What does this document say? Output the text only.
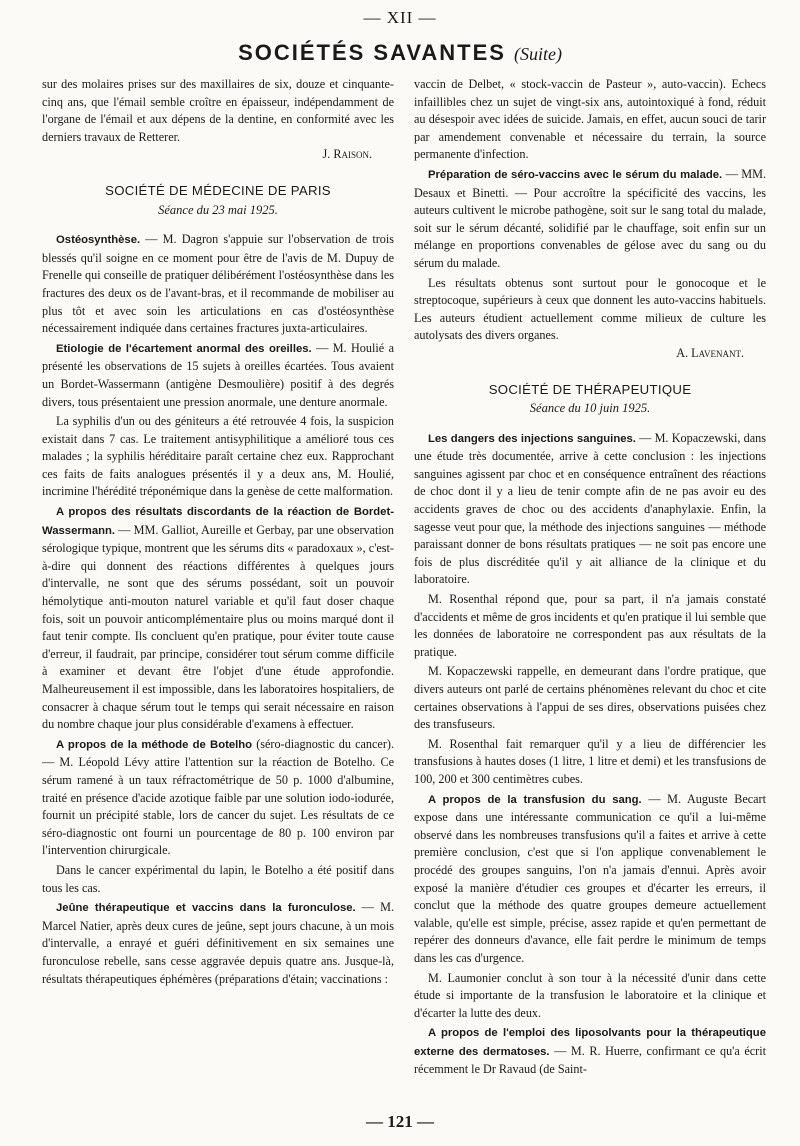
— XII —
SOCIÉTÉS SAVANTES (Suite)

sur des molaires prises sur des maxillaires de six, douze et cinquante-cinq ans, que l'émail semble croître en épaisseur, indépendamment de l'organe de l'émail et aux dépens de la dentine, en conformité avec les derniers travaux de Retterer.

J. Raison.
SOCIÉTÉ DE MÉDECINE DE PARIS
Séance du 23 mai 1925.

Ostéosynthèse. — M. Dagron s'appuie sur l'observation de trois blessés qu'il soigne en ce moment pour être de l'avis de M. Dupuy de Frenelle qui conseille de pratiquer délibérément l'ostéosynthèse dans les fractures des deux os de l'avant-bras, et il recommande de mobiliser au plus tôt et avec soin les articulations en cas d'ostéosynthèse nécessairement indiquée dans certaines fractures juxta-articulaires.

Etiologie de l'écartement anormal des oreilles. — M. Houlié a présenté les observations de 15 sujets à oreilles écartées. Tous avaient un Bordet-Wassermann (antigène Desmoulière) positif à des degrés divers, tous présentaient une pression anormale, une denture anormale.

La syphilis d'un ou des géniteurs a été retrouvée 4 fois, la suspicion existait dans 7 cas. Le traitement antisyphilitique a amélioré tous ces malades ; la syphilis héréditaire paraît certaine chez eux. Rapprochant ces faits de faits analogues présentés il y a deux ans, M. Houlié, incrimine l'hérédité tréponémique dans la genèse de cette malformation.

A propos des résultats discordants de la réaction de Bordet-Wassermann. — MM. Galliot, Aureille et Gerbay, par une observation sérologique typique, montrent que les sérums dits « paradoxaux », c'est-à-dire qui donnent des réactions différentes à quelques jours d'intervalle, ne sont que des sérums possédant, soit un pouvoir hémolytique anti-mouton naturel variable et qu'il faut doser chaque fois, soit un pouvoir anticomplémentaire plus ou moins marqué dont il faut tenir compte. Ils concluent qu'en pratique, pour éviter toute cause d'erreur, il faudrait, par principe, considérer tout sérum comme difficile à examiner et devant être l'objet d'une étude approfondie. Malheureusement il est impossible, dans les laboratoires hospitaliers, de consacrer à chaque sérum tout le temps qui serait nécessaire en raison du nombre chaque jour plus considérable d'examens à effectuer.

A propos de la méthode de Botelho (séro-diagnostic du cancer). — M. Léopold Lévy attire l'attention sur la réaction de Botelho. Ce sérum ramené à un taux réfractométrique de 50 p. 1000 d'albumine, traité en présence d'acide azotique faible par une solution iodo-iodurée, fournit un précipité stable, lors de cancer du sujet. Les résultats de ce séro-diagnostic ont fourni un pourcentage de 80 p. 100 environ par l'intervention chirurgicale.

Dans le cancer expérimental du lapin, le Botelho a été positif dans tous les cas.

Jeûne thérapeutique et vaccins dans la furonculose. — M. Marcel Natier, après deux cures de jeûne, sept jours chacune, à un mois d'intervalle, a enrayé et guéri définitivement en six semaines une furonculose rebelle, sans cesse aggravée depuis quatre ans. Jusque-là, résultats thérapeutiques éphémères (préparations d'étain; vaccinations :

vaccin de Delbet, « stock-vaccin de Pasteur », auto-vaccin). Echecs infaillibles chez un sujet de vingt-six ans, autointoxiqué à fond, réduit au désespoir avec idées de suicide. Jamais, en effet, aucun souci de tarir par amendement convenable et nécessaire du terrain, la source permanente d'infection.

Préparation de séro-vaccins avec le sérum du malade. — MM. Desaux et Binetti. — Pour accroître la spécificité des vaccins, les auteurs cultivent le microbe pathogène, soit sur le sang total du malade, soit sur le sérum décanté, solidifié par le chauffage, soit enfin sur un mélange en proportions convenables de gélose avec du sang ou du sérum du malade.

Les résultats obtenus sont surtout pour le gonocoque et le streptocoque, supérieurs à ceux que donnent les auto-vaccins habituels. Les auteurs étudient actuellement comme milieux de culture les autolysats des divers organes.

A. Lavenant.
SOCIÉTÉ DE THÉRAPEUTIQUE
Séance du 10 juin 1925.

Les dangers des injections sanguines. — M. Kopaczewski, dans une étude très documentée, arrive à cette conclusion : les injections sanguines agissent par choc et en conséquence entraînent des réactions de choc dont il y a lieu de tenir compte afin de ne pas avoir eu des accidents graves de choc ou des accidents d'anaphylaxie. Enfin, la sagesse veut pour que, la méthode des injections sanguines — méthode paraissant donner de bons résultats pratiques — ne soit pas encore une fois de plus discréditée qu'il y ait alliance de la clinique et du laboratoire.

M. Rosenthal répond que, pour sa part, il n'a jamais constaté d'accidents et même de gros incidents et qu'en pratique il lui semble que les données de laboratoire ne correspondent pas aux résultats de la pratique.

M. Kopaczewski rappelle, en demeurant dans l'ordre pratique, que divers auteurs ont parlé de certains phénomènes relevant du choc et cite certaines observations à l'appui de ses dires, observations puisées chez des transfuseurs.

M. Rosenthal fait remarquer qu'il y a lieu de différencier les transfusions à hautes doses (1 litre, 1 litre et demi) et les transfusions de 100, 200 et 300 centimètres cubes.

A propos de la transfusion du sang. — M. Auguste Becart expose dans une intéressante communication ce qu'il a lui-même observé dans les nombreuses transfusions qu'il a faites et arrive à cette première conclusion, c'est que si l'on applique convenablement le procédé des groupes sanguins, l'on n'a jamais d'ennui. Après avoir exposé la manière d'étudier ces groupes et d'écarter les erreurs, il conclut que la méthode des quatre groupes demeure actuellement valable, qu'elle est simple, précise, assez rapide et qu'en permettant de repérer des donneurs d'avance, elle fait perdre le minimum de temps dans les cas d'urgence.

M. Laumonier conclut à son tour à la nécessité d'unir dans cette étude si importante de la transfusion le laboratoire et la clinique et d'écarter la lutte des deux.

A propos de l'emploi des liposolvants pour la thérapeutique externe des dermatoses. — M. R. Huerre, confirmant ce qu'a écrit récemment le Dr Ravaud (de Saint-

— 121 —
